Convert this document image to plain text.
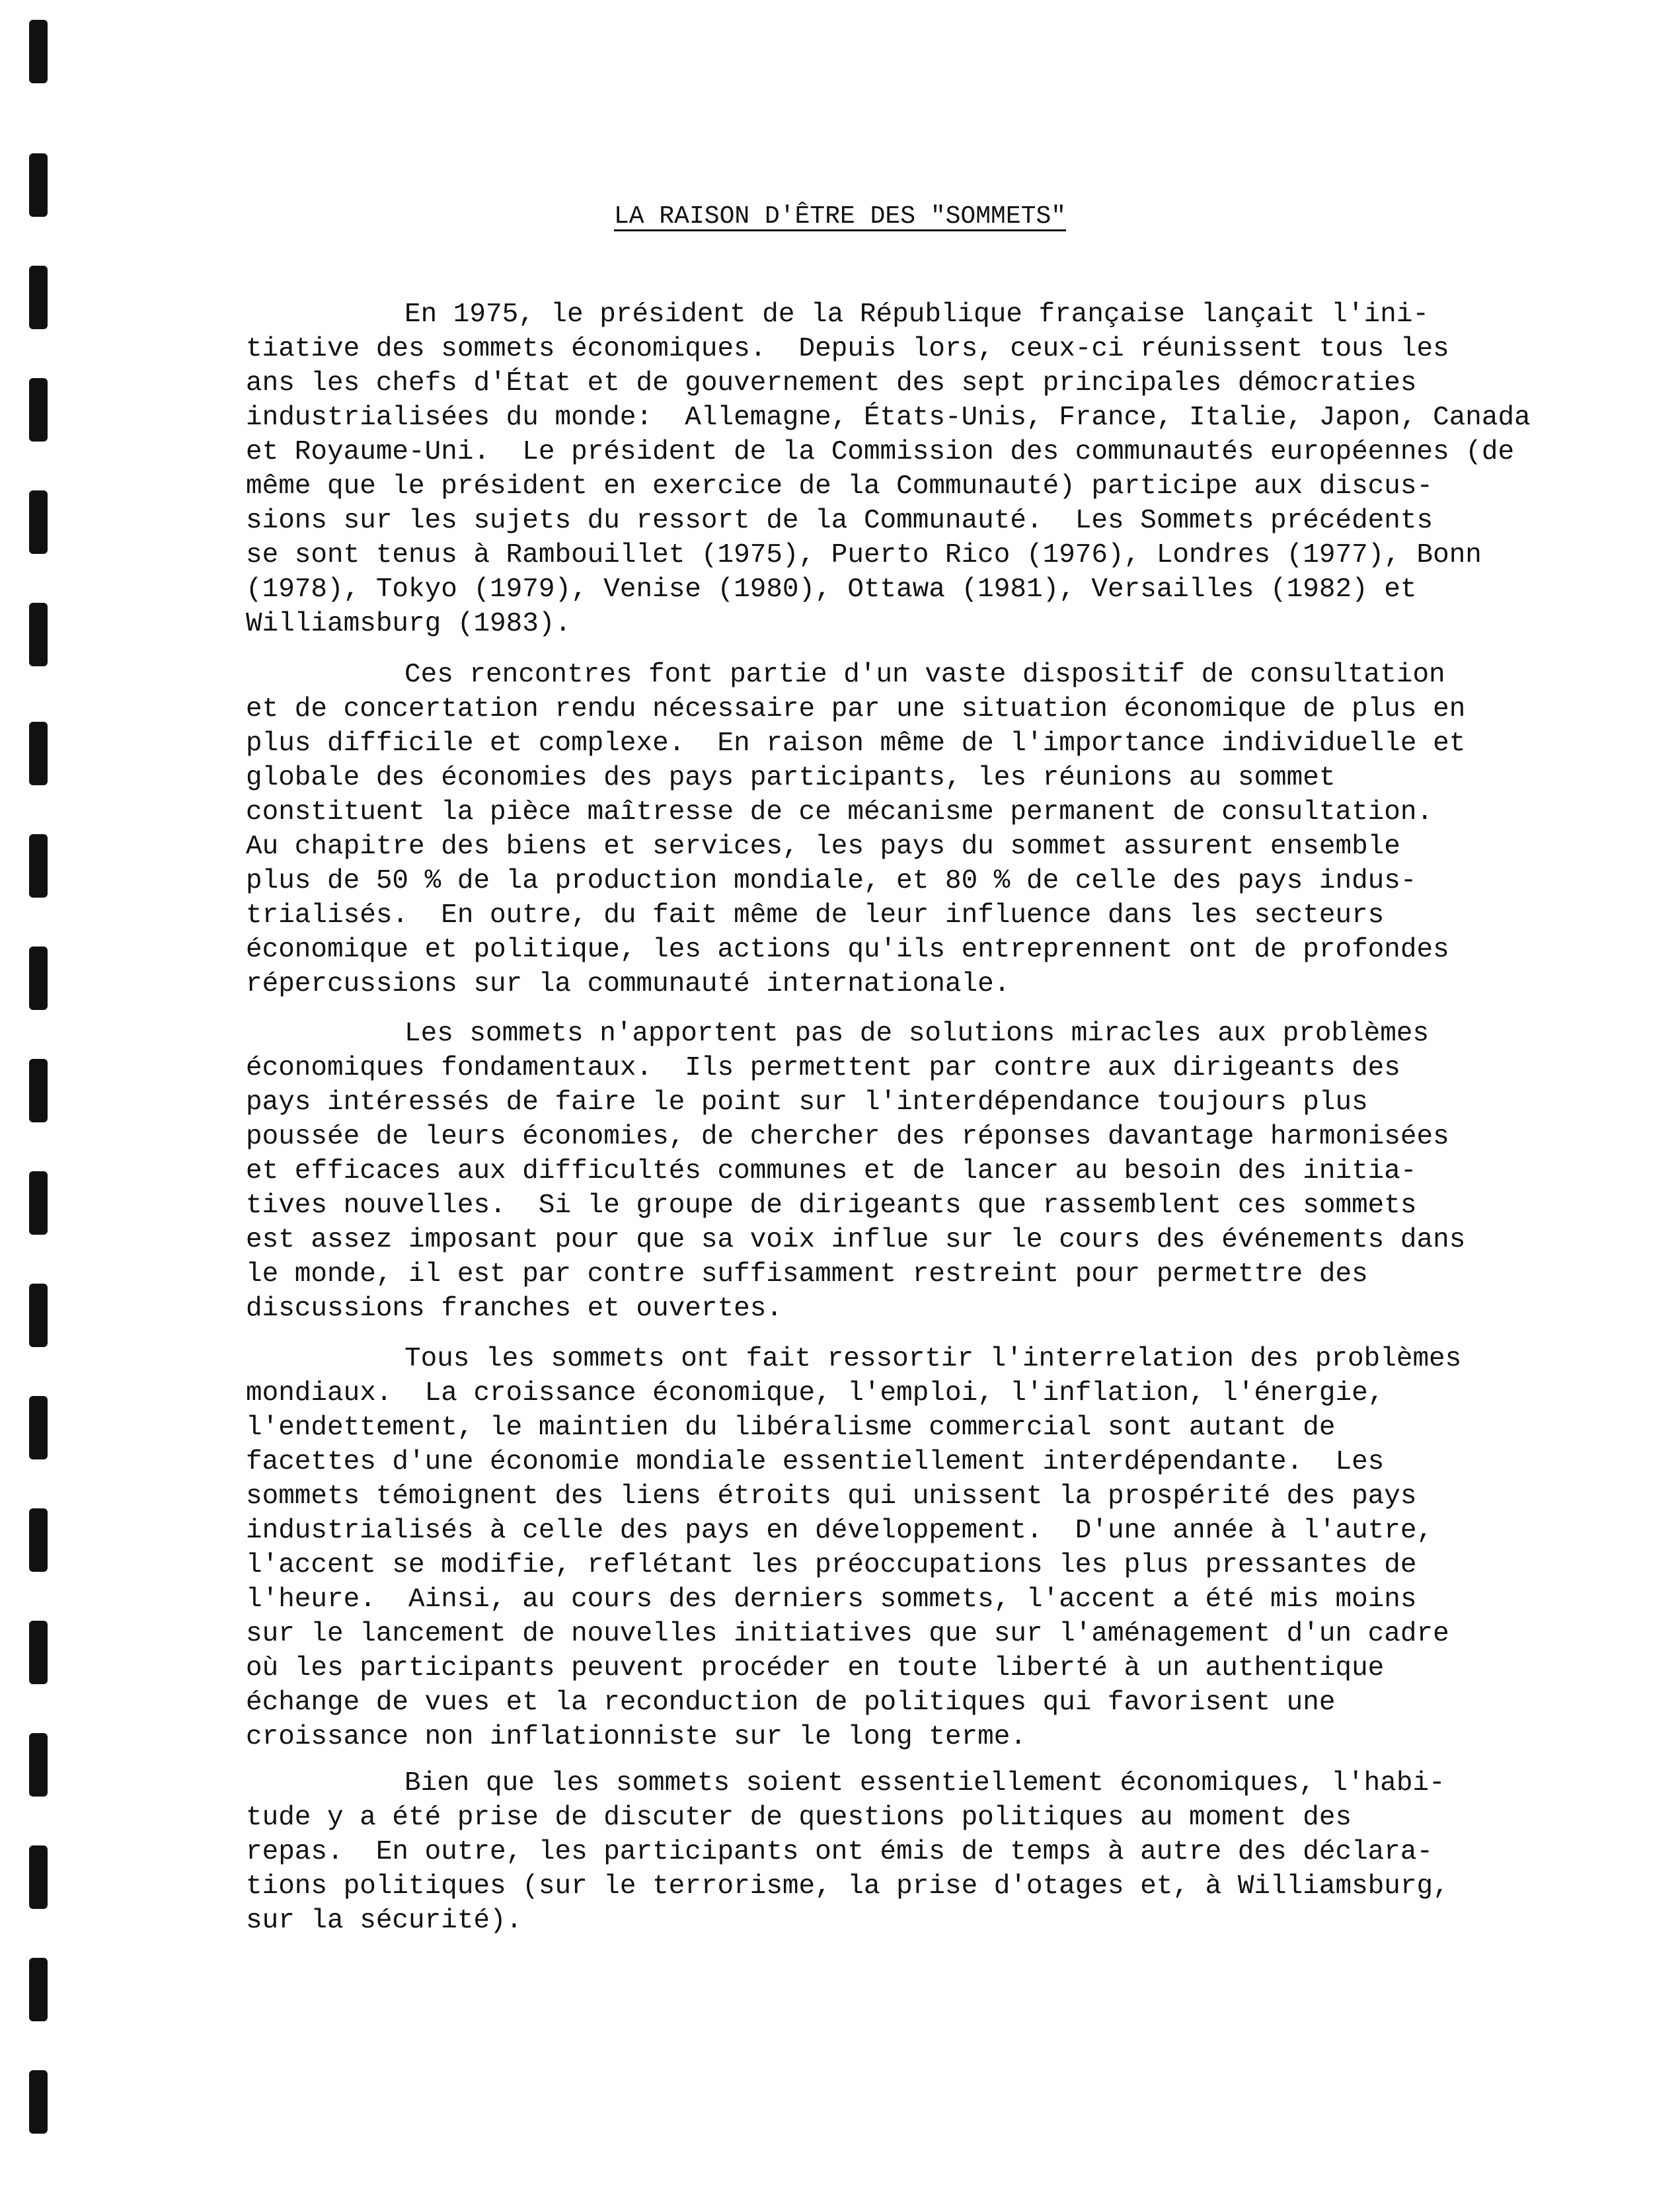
LA RAISON D'ÊTRE DES "SOMMETS"
En 1975, le président de la République française lançait l'ini-
tiative des sommets économiques.  Depuis lors, ceux-ci réunissent tous les
ans les chefs d'État et de gouvernement des sept principales démocraties
industrialisées du monde:  Allemagne, États-Unis, France, Italie, Japon, Canada
et Royaume-Uni.  Le président de la Commission des communautés européennes (de
même que le président en exercice de la Communauté) participe aux discus-
sions sur les sujets du ressort de la Communauté.  Les Sommets précédents
se sont tenus à Rambouillet (1975), Puerto Rico (1976), Londres (1977), Bonn
(1978), Tokyo (1979), Venise (1980), Ottawa (1981), Versailles (1982) et
Williamsburg (1983).
Ces rencontres font partie d'un vaste dispositif de consultation
et de concertation rendu nécessaire par une situation économique de plus en
plus difficile et complexe.  En raison même de l'importance individuelle et
globale des économies des pays participants, les réunions au sommet
constituent la pièce maîtresse de ce mécanisme permanent de consultation.
Au chapitre des biens et services, les pays du sommet assurent ensemble
plus de 50 % de la production mondiale, et 80 % de celle des pays indus-
trialisés.  En outre, du fait même de leur influence dans les secteurs
économique et politique, les actions qu'ils entreprennent ont de profondes
répercussions sur la communauté internationale.
Les sommets n'apportent pas de solutions miracles aux problèmes
économiques fondamentaux.  Ils permettent par contre aux dirigeants des
pays intéressés de faire le point sur l'interdépendance toujours plus
poussée de leurs économies, de chercher des réponses davantage harmonisées
et efficaces aux difficultés communes et de lancer au besoin des initia-
tives nouvelles.  Si le groupe de dirigeants que rassemblent ces sommets
est assez imposant pour que sa voix influe sur le cours des événements dans
le monde, il est par contre suffisamment restreint pour permettre des
discussions franches et ouvertes.
Tous les sommets ont fait ressortir l'interrelation des problèmes
mondiaux.  La croissance économique, l'emploi, l'inflation, l'énergie,
l'endettement, le maintien du libéralisme commercial sont autant de
facettes d'une économie mondiale essentiellement interdépendante.  Les
sommets témoignent des liens étroits qui unissent la prospérité des pays
industrialisés à celle des pays en développement.  D'une année à l'autre,
l'accent se modifie, reflétant les préoccupations les plus pressantes de
l'heure.  Ainsi, au cours des derniers sommets, l'accent a été mis moins
sur le lancement de nouvelles initiatives que sur l'aménagement d'un cadre
où les participants peuvent procéder en toute liberté à un authentique
échange de vues et la reconduction de politiques qui favorisent une
croissance non inflationniste sur le long terme.
Bien que les sommets soient essentiellement économiques, l'habi-
tude y a été prise de discuter de questions politiques au moment des
repas.  En outre, les participants ont émis de temps à autre des déclara-
tions politiques (sur le terrorisme, la prise d'otages et, à Williamsburg,
sur la sécurité).
